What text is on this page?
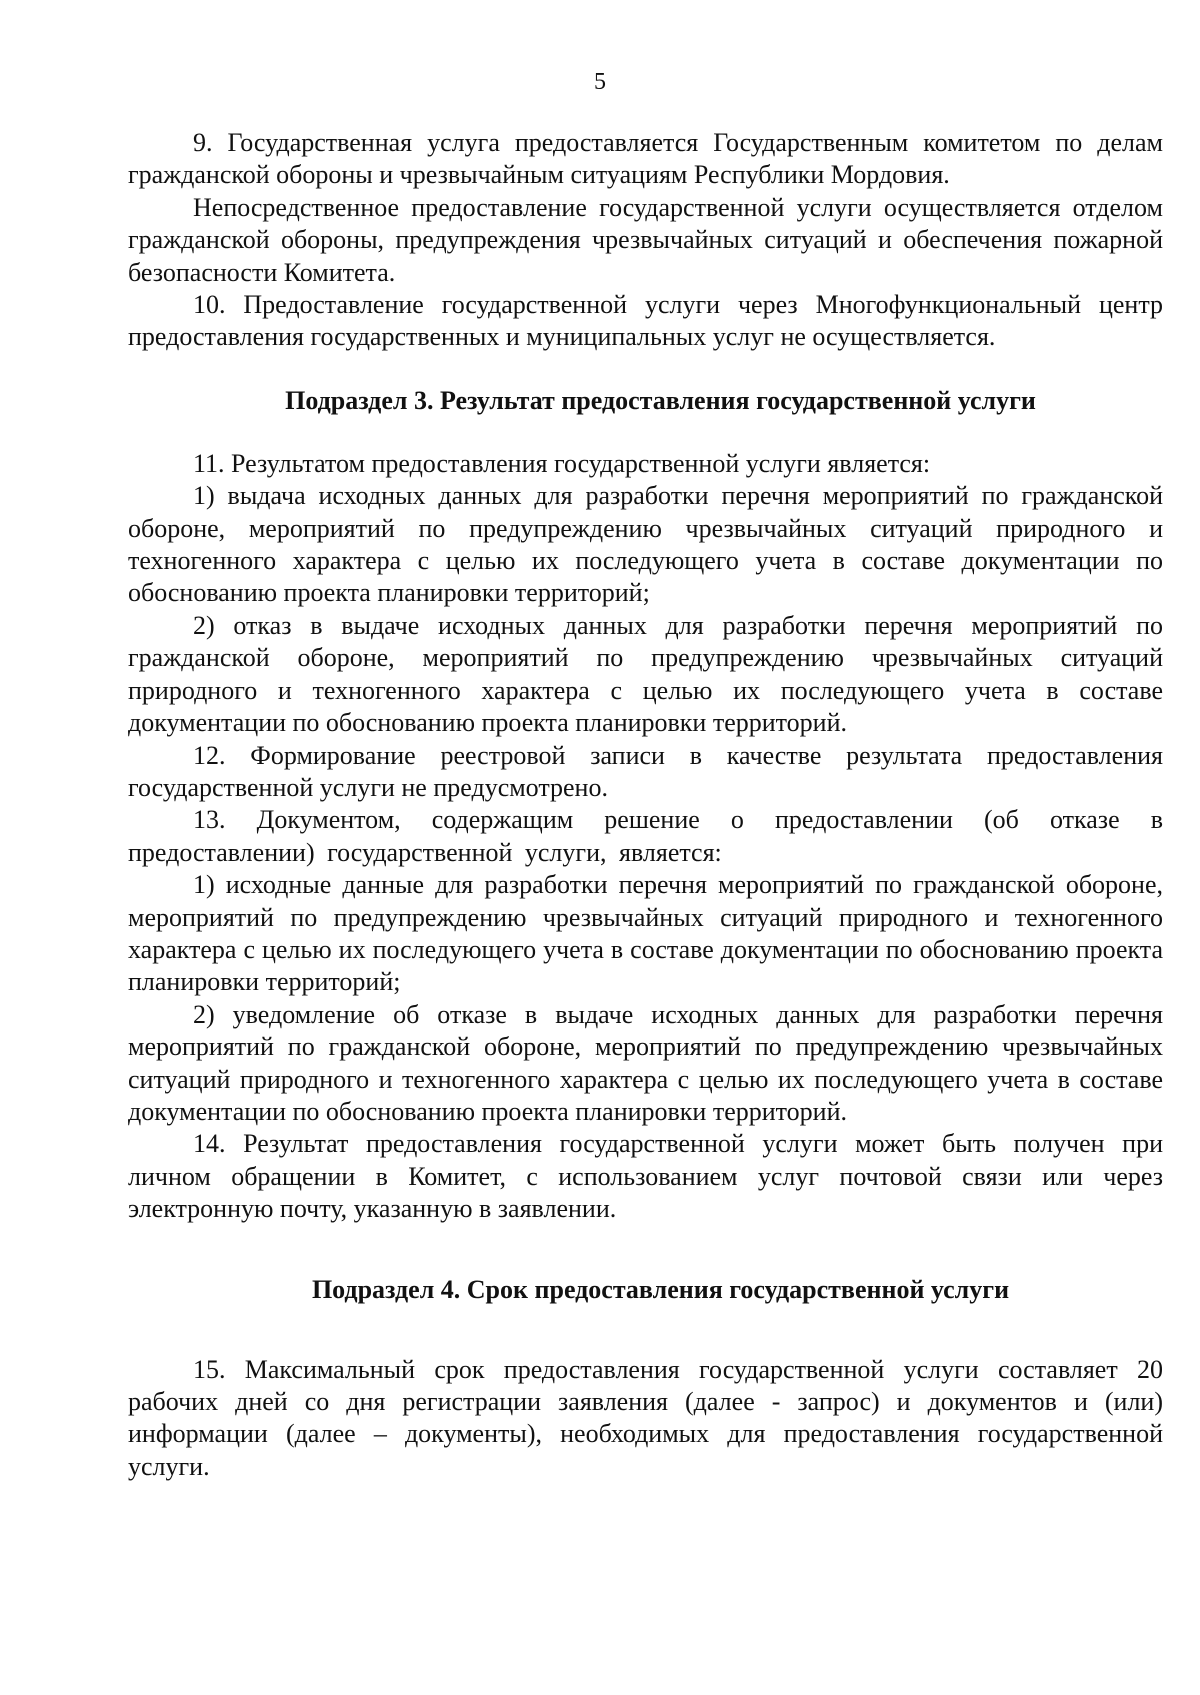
5

9. Государственная услуга предоставляется Государственным комитетом по делам гражданской обороны и чрезвычайным ситуациям Республики Мордовия.

Непосредственное предоставление государственной услуги осуществляется отделом гражданской обороны, предупреждения чрезвычайных ситуаций и обеспечения пожарной безопасности Комитета.

10. Предоставление государственной услуги через Многофункциональный центр предоставления государственных и муниципальных услуг не осуществляется.

Подраздел 3. Результат предоставления государственной услуги

11. Результатом предоставления государственной услуги является:

1) выдача исходных данных для разработки перечня мероприятий по гражданской обороне, мероприятий по предупреждению чрезвычайных ситуаций природного и техногенного характера с целью их последующего учета в составе документации по обоснованию проекта планировки территорий;

2) отказ в выдаче исходных данных для разработки перечня мероприятий по гражданской обороне, мероприятий по предупреждению чрезвычайных ситуаций природного и техногенного характера с целью их последующего учета в составе документации по обоснованию проекта планировки территорий.

12. Формирование реестровой записи в качестве результата предоставления государственной услуги не предусмотрено.

13. Документом, содержащим решение о предоставлении (об отказе в предоставлении) государственной услуги, является:

1) исходные данные для разработки перечня мероприятий по гражданской обороне, мероприятий по предупреждению чрезвычайных ситуаций природного и техногенного характера с целью их последующего учета в составе документации по обоснованию проекта планировки территорий;

2) уведомление об отказе в выдаче исходных данных для разработки перечня мероприятий по гражданской обороне, мероприятий по предупреждению чрезвычайных ситуаций природного и техногенного характера с целью их последующего учета в составе документации по обоснованию проекта планировки территорий.

14. Результат предоставления государственной услуги может быть получен при личном обращении в Комитет, с использованием услуг почтовой связи или через электронную почту, указанную в заявлении.

Подраздел 4. Срок предоставления государственной услуги

15. Максимальный срок предоставления государственной услуги составляет 20 рабочих дней со дня регистрации заявления (далее - запрос) и документов и (или) информации (далее – документы), необходимых для предоставления государственной услуги.
